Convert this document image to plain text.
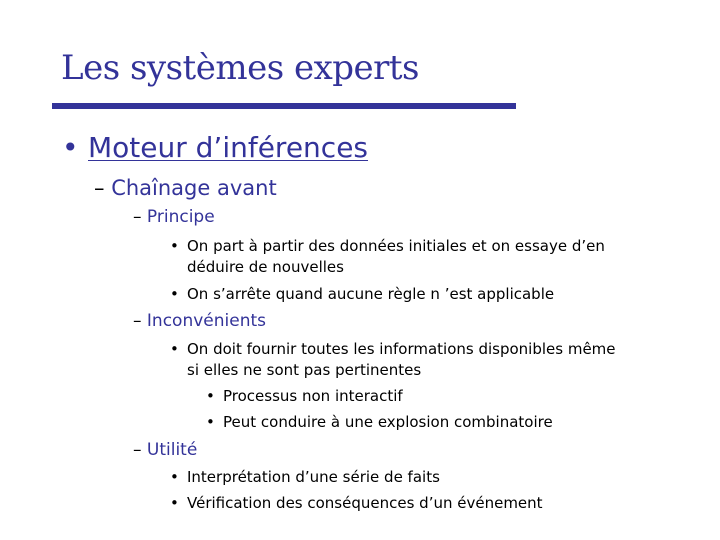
Les systèmes experts
• Moteur d’inférences
– Chaînage avant
– Principe
• On part à partir des données initiales et on essaye d’en
déduire de nouvelles
• On s’arrête quand aucune règle n ’est applicable
– Inconvénients
• On doit fournir toutes les informations disponibles même
si elles ne sont pas pertinentes
• Processus non interactif
• Peut conduire à une explosion combinatoire
– Utilité
• Interprétation d’une série de faits
• Vérification des conséquences d’un événement
